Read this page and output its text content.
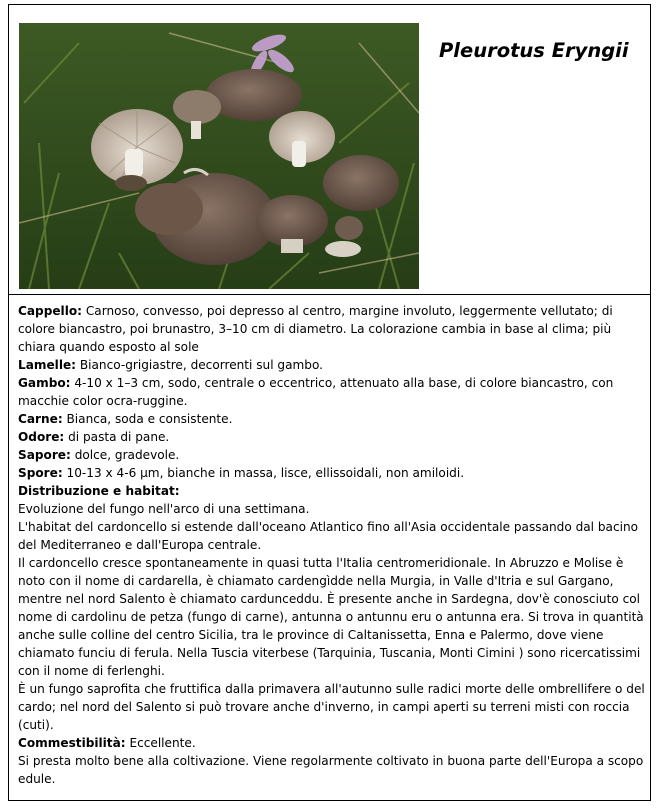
Pleurotus Eryngii

Cappello: Carnoso, convesso, poi depresso al centro, margine involuto, leggermente vellutato; di colore biancastro, poi brunastro, 3–10 cm di diametro. La colorazione cambia in base al clima; più chiara quando esposto al sole

Lamelle: Bianco-grigiastre, decorrenti sul gambo.

Gambo: 4-10 x 1–3 cm, sodo, centrale o eccentrico, attenuato alla base, di colore biancastro, con macchie color ocra-ruggine.

Carne: Bianca, soda e consistente.

Odore: di pasta di pane.

Sapore: dolce, gradevole.

Spore: 10-13 x 4-6 µm, bianche in massa, lisce, ellissoidali, non amiloidi.

Distribuzione e habitat:

Evoluzione del fungo nell'arco di una settimana.

L'habitat del cardoncello si estende dall'oceano Atlantico fino all'Asia occidentale passando dal bacino del Mediterraneo e dall'Europa centrale.

Il cardoncello cresce spontaneamente in quasi tutta l'Italia centromeridionale. In Abruzzo e Molise è noto con il nome di cardarella, è chiamato cardengìdde nella Murgia, in Valle d'Itria e sul Gargano, mentre nel nord Salento è chiamato cardunceddu. È presente anche in Sardegna, dov'è conosciuto col nome di cardolinu de petza (fungo di carne), antunna o antunnu eru o antunna era. Si trova in quantità anche sulle colline del centro Sicilia, tra le province di Caltanissetta, Enna e Palermo, dove viene chiamato funciu di ferula. Nella Tuscia viterbese (Tarquinia, Tuscania, Monti Cimini ) sono ricercatissimi con il nome di ferlenghi.

È un fungo saprofita che fruttifica dalla primavera all'autunno sulle radici morte delle ombrellifere o del cardo; nel nord del Salento si può trovare anche d'inverno, in campi aperti su terreni misti con roccia (cuti).

Commestibilità: Eccellente.

Si presta molto bene alla coltivazione. Viene regolarmente coltivato in buona parte dell'Europa a scopo edule.
